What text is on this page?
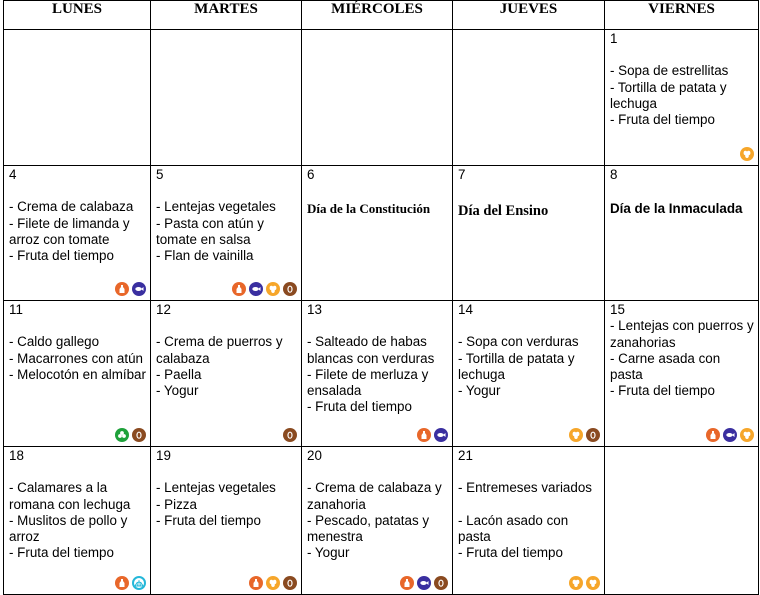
LUNES	MARTES	MIÉRCOLES	JUEVES	VIERNES

				1
- Sopa de estrellitas
- Tortilla de patata y lechuga
- Fruta del tiempo

4
- Crema de calabaza
- Filete de limanda y arroz con tomate
- Fruta del tiempo	5
- Lentejas vegetales
- Pasta con atún y tomate en salsa
- Flan de vainilla	6
Día de la Constitución	7
Día del Ensino	8
Día de la Inmaculada

11
- Caldo gallego
- Macarrones con atún
- Melocotón en almíbar	12
- Crema de puerros y calabaza
- Paella
- Yogur	13
- Salteado de habas blancas con verduras
- Filete de merluza y ensalada
- Fruta del tiempo	14
- Sopa con verduras
- Tortilla de patata y lechuga
- Yogur	15
- Lentejas con puerros y zanahorias
- Carne asada con pasta
- Fruta del tiempo

18
- Calamares a la romana con lechuga
- Muslitos de pollo y arroz
- Fruta del tiempo	19
- Lentejas vegetales
- Pizza
- Fruta del tiempo	20
- Crema de calabaza y zanahoria
- Pescado, patatas y menestra
- Yogur	21
- Entremeses variados
- Lacón asado con pasta
- Fruta del tiempo	
